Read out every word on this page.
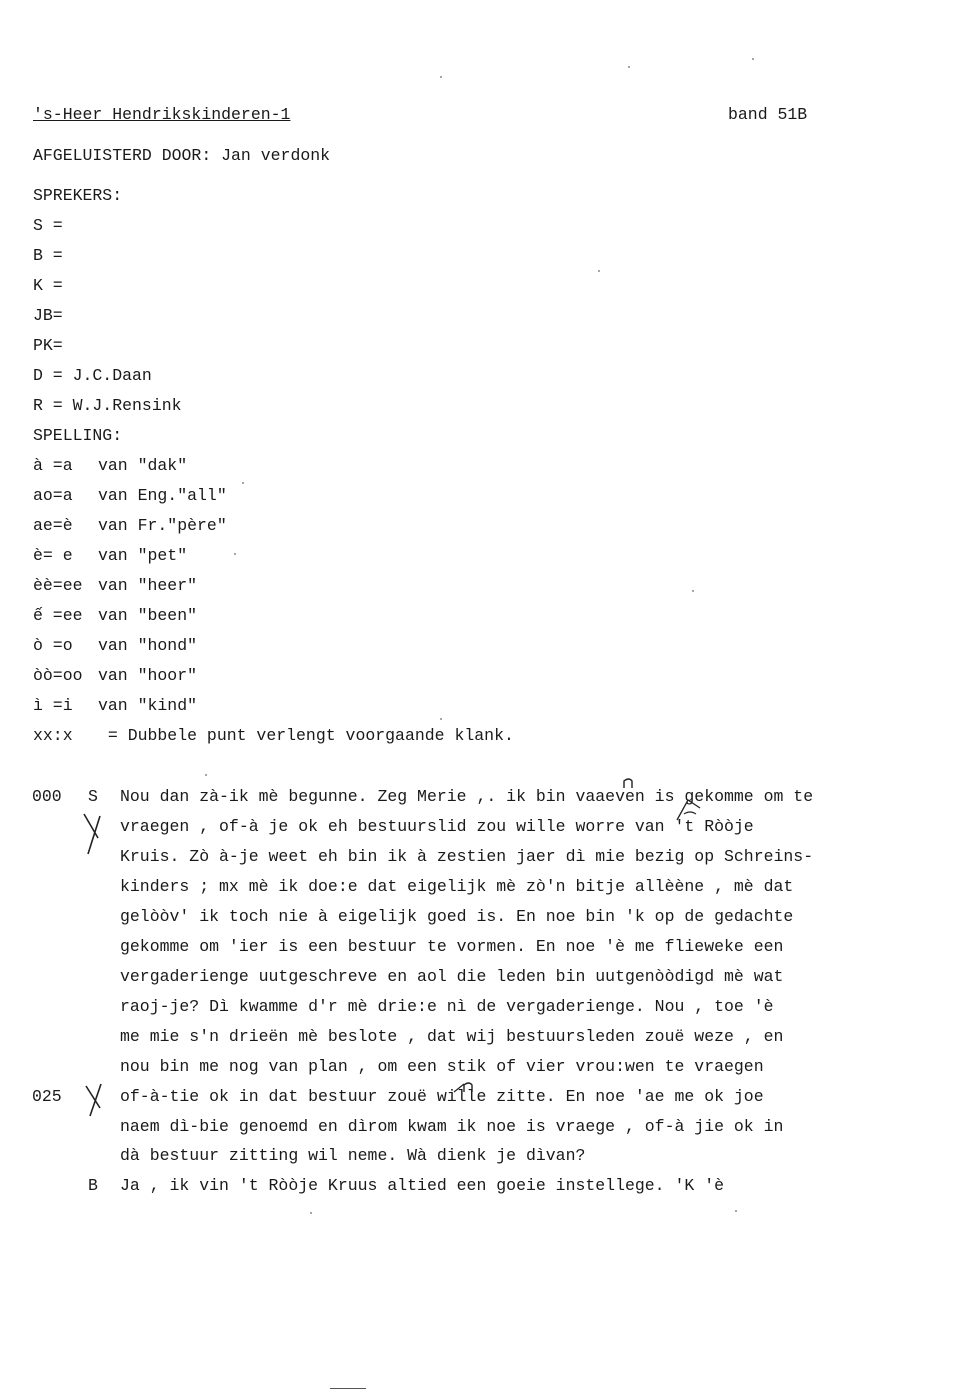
's-Heer Hendrikskinderen-1	band 51B
AFGELUISTERD DOOR: Jan verdonk
SPREKERS:
S =
B =
K =
JB=
PK=
D = J.C.Daan
R = W.J.Rensink
SPELLING:
à =a van "dak"
ao=a van Eng."all"
ae=è van Fr."père"
è= e van "pet"
èè=ee van "heer"
ế =ee van "been"
ò =o van "hond"
òò=oo van "hoor"
ì =i van "kind"
xx:x = Dubbele punt verlengt voorgaande klank.
000 S Nou dan zà-ik mè begunne. Zeg Merie ,. ik bin vaaeven is gekomme om te
vraegen , of-à je ok eh bestuurslid zou wille worre van 't Ròòje
Kruis. Zò à-je weet eh bin ik à zestien jaer dì mie bezig op Schreins-
kinders ; mx mè ik doe:e dat eigelijk mè zò'n bitje allèène , mè dat
gelòòv' ik toch nie à eigelijk goed is. En noe bin 'k op de gedachte
gekomme om 'ier is een bestuur te vormen. En noe 'è me flieweke een
vergaderienge uutgeschreve en aol die leden bin uutgenòòdigd mè wat
raoj-je? Dì kwamme d'r mè drie:e nì de vergaderienge. Nou , toe 'è
me mie s'n drieën mè beslote , dat wij bestuursleden zouë weze , en
nou bin me nog van plan , om een stik of vier vrou:wen te vraegen
025	of-à-tie ok in dat bestuur zouë wille zitte. En noe 'ae me ok joe
naem dì-bie genoemd en dìrom kwam ik noe is vraege , of-à jie ok in
dà bestuur zitting wil neme. Wà dienk je dìvan?
B Ja , ik vin 't Ròòje Kruus altied een goeie instellege. 'K 'è
